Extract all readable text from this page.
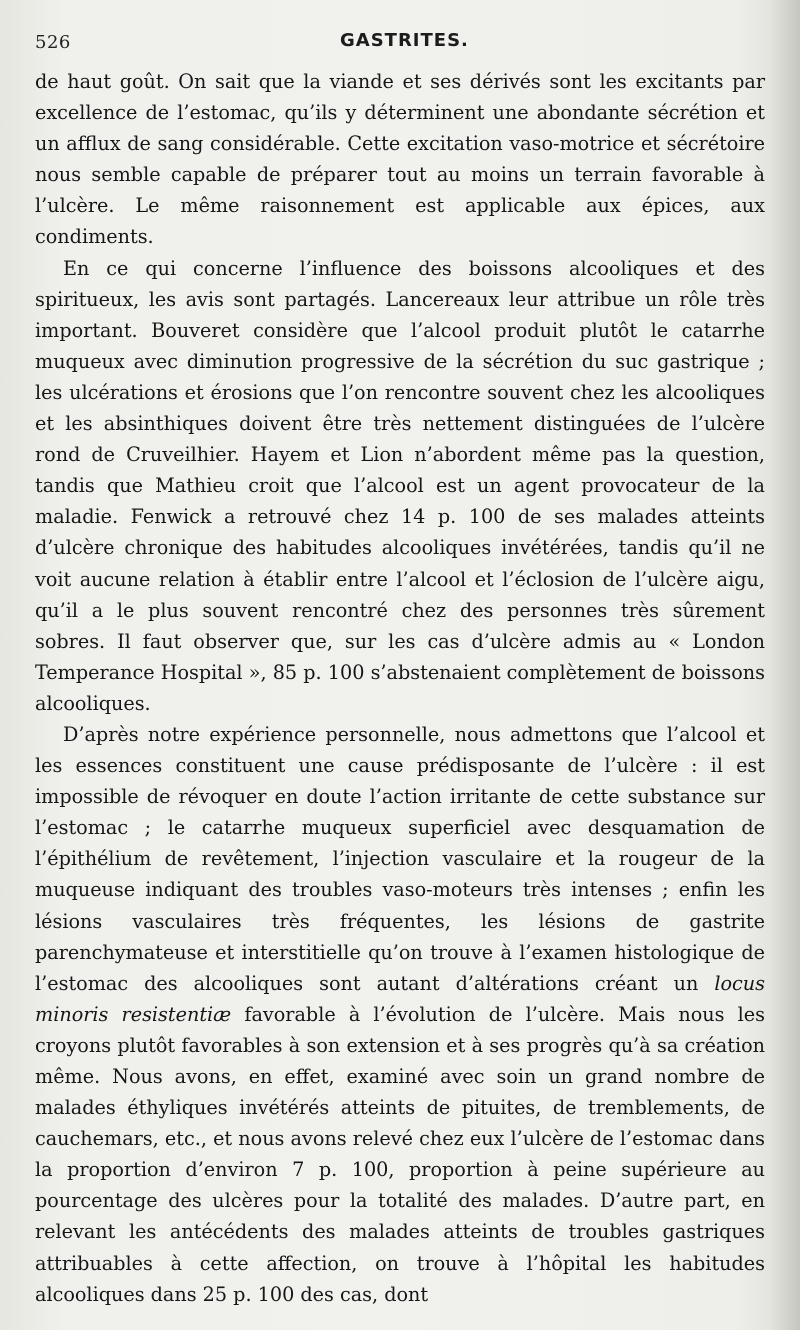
526	GASTRITES.

de haut goût. On sait que la viande et ses dérivés sont les excitants par excellence de l’estomac, qu’ils y déterminent une abondante sécrétion et un afflux de sang considérable. Cette excitation vaso-motrice et sécrétoire nous semble capable de préparer tout au moins un terrain favorable à l’ulcère. Le même raisonnement est applicable aux épices, aux condiments.

En ce qui concerne l’influence des boissons alcooliques et des spiritueux, les avis sont partagés. Lancereaux leur attribue un rôle très important. Bouveret considère que l’alcool produit plutôt le catarrhe muqueux avec diminution progressive de la sécrétion du suc gastrique ; les ulcérations et érosions que l’on rencontre souvent chez les alcooliques et les absinthiques doivent être très nettement distinguées de l’ulcère rond de Cruveilhier. Hayem et Lion n’abordent même pas la question, tandis que Mathieu croit que l’alcool est un agent provocateur de la maladie. Fenwick a retrouvé chez 14 p. 100 de ses malades atteints d’ulcère chronique des habitudes alcooliques invétérées, tandis qu’il ne voit aucune relation à établir entre l’alcool et l’éclosion de l’ulcère aigu, qu’il a le plus souvent rencontré chez des personnes très sûrement sobres. Il faut observer que, sur les cas d’ulcère admis au « London Temperance Hospital », 85 p. 100 s’abstenaient complètement de boissons alcooliques.

D’après notre expérience personnelle, nous admettons que l’alcool et les essences constituent une cause prédisposante de l’ulcère : il est impossible de révoquer en doute l’action irritante de cette substance sur l’estomac ; le catarrhe muqueux superficiel avec desquamation de l’épithélium de revêtement, l’injection vasculaire et la rougeur de la muqueuse indiquant des troubles vaso-moteurs très intenses ; enfin les lésions vasculaires très fréquentes, les lésions de gastrite parenchymateuse et interstitielle qu’on trouve à l’examen histologique de l’estomac des alcooliques sont autant d’altérations créant un locus minoris resistentiæ favorable à l’évolution de l’ulcère. Mais nous les croyons plutôt favorables à son extension et à ses progrès qu’à sa création même. Nous avons, en effet, examiné avec soin un grand nombre de malades éthyliques invétérés atteints de pituites, de tremblements, de cauchemars, etc., et nous avons relevé chez eux l’ulcère de l’estomac dans la proportion d’environ 7 p. 100, proportion à peine supérieure au pourcentage des ulcères pour la totalité des malades. D’autre part, en relevant les antécédents des malades atteints de troubles gastriques attribuables à cette affection, on trouve à l’hôpital les habitudes alcooliques dans 25 p. 100 des cas, dont
